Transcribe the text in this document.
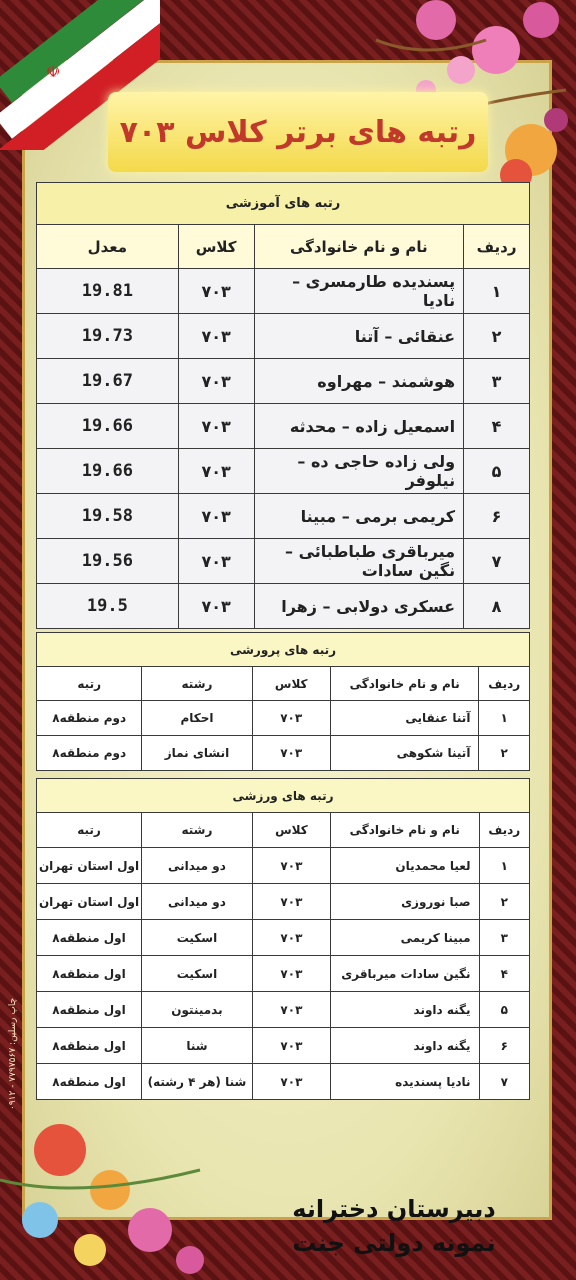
☫
رتبه های برتر کلاس ۷۰۳
رتبه های آموزشی			
ردیف	نام و نام خانوادگی	کلاس	معدل
۱	پسندیده طارمسری – نادیا	۷۰۳	19.81
۲	عنقائی – آتنا	۷۰۳	19.73
۳	هوشمند – مهراوه	۷۰۳	19.67
۴	اسمعیل زاده – محدثه	۷۰۳	19.66
۵	ولی زاده حاجی ده – نیلوفر	۷۰۳	19.66
۶	کریمی برمی – مبینا	۷۰۳	19.58
۷	میرباقری طباطبائی – نگین سادات	۷۰۳	19.56
۸	عسکری دولابی – زهرا	۷۰۳	19.5
رتبه های پرورشی				
ردیف	نام و نام خانوادگی	کلاس	رشته	رتبه
۱	آتنا عنقایی	۷۰۳	احکام	دوم منطقه۸
۲	آتینا شکوهی	۷۰۳	انشای نماز	دوم منطقه۸
رتبه های ورزشی				
ردیف	نام و نام خانوادگی	کلاس	رشته	رتبه
۱	لعیا محمدیان	۷۰۳	دو میدانی	اول استان تهران
۲	صبا نوروزی	۷۰۳	دو میدانی	اول استان تهران
۳	مبینا کریمی	۷۰۳	اسکیت	اول منطقه۸
۴	نگین سادات میرباقری	۷۰۳	اسکیت	اول منطقه۸
۵	یگنه داوند	۷۰۳	بدمینتون	اول منطقه۸
۶	یگنه داوند	۷۰۳	شنا	اول منطقه۸
۷	نادیا پسندیده	۷۰۳	شنا (هر ۴ رشته)	اول منطقه۸
دبیرستان دخترانه
نمونه دولتی جنت
چاپ رسلین: ۷۷۹۷۵۶۷ - ۰۹۱۲
